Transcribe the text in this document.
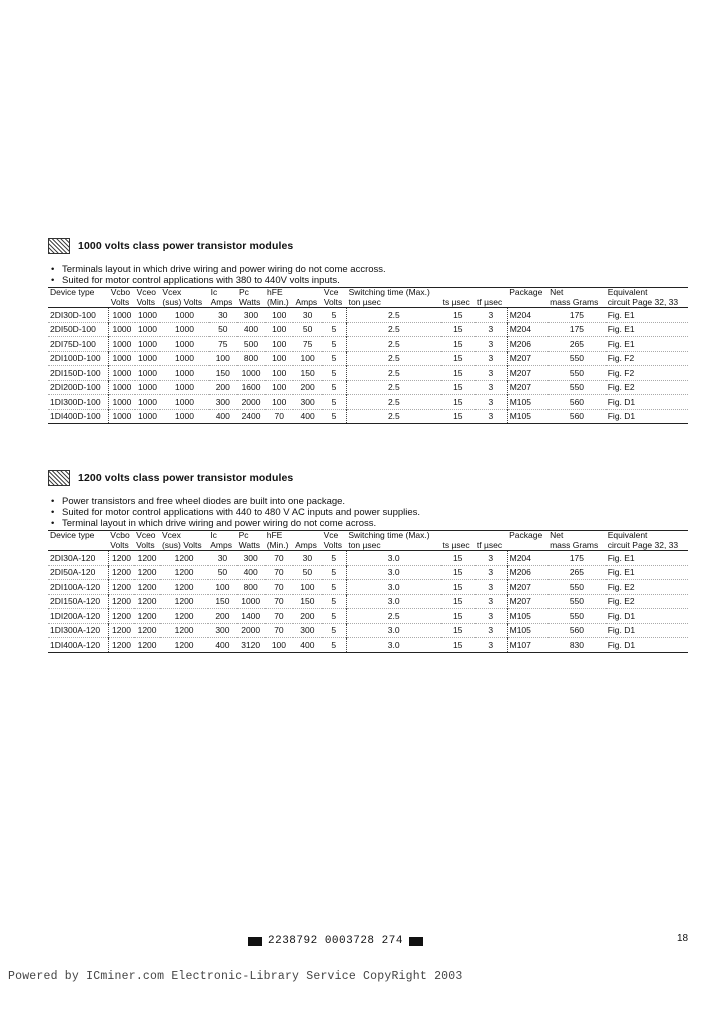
1000 volts class power transistor modules
• Terminals layout in which drive wiring and power wiring do not come accross.
• Suited for motor control applications with 380 to 440V volts inputs.
Device type	Vcbo	Vceo	Vcex	Ic	Pc	hFE		Vce	Switching time (Max.)			Package	Net	Equivalent
	Volts	Volts	(sus) Volts	Amps	Watts	(Min.)	Amps	Volts	ton µsec	ts µsec	tf µsec		mass Grams	circuit Page 32, 33
2DI30D-100	1000	1000	1000	30	300	100	30	5	2.5	15	3	M204	175	Fig. E1
2DI50D-100	1000	1000	1000	50	400	100	50	5	2.5	15	3	M204	175	Fig. E1
2DI75D-100	1000	1000	1000	75	500	100	75	5	2.5	15	3	M206	265	Fig. E1
2DI100D-100	1000	1000	1000	100	800	100	100	5	2.5	15	3	M207	550	Fig. F2
2DI150D-100	1000	1000	1000	150	1000	100	150	5	2.5	15	3	M207	550	Fig. F2
2DI200D-100	1000	1000	1000	200	1600	100	200	5	2.5	15	3	M207	550	Fig. E2
1DI300D-100	1000	1000	1000	300	2000	100	300	5	2.5	15	3	M105	560	Fig. D1
1DI400D-100	1000	1000	1000	400	2400	70	400	5	2.5	15	3	M105	560	Fig. D1
1200 volts class power transistor modules
• Power transistors and free wheel diodes are built into one package.
• Suited for motor control applications with 440 to 480 V AC inputs and power supplies.
• Terminal layout in which drive wiring and power wiring do not come across.
Device type	Vcbo	Vceo	Vcex	Ic	Pc	hFE		Vce	Switching time (Max.)			Package	Net	Equivalent
	Volts	Volts	(sus) Volts	Amps	Watts	(Min.)	Amps	Volts	ton µsec	ts µsec	tf µsec		mass Grams	circuit Page 32, 33
2DI30A-120	1200	1200	1200	30	300	70	30	5	3.0	15	3	M204	175	Fig. E1
2DI50A-120	1200	1200	1200	50	400	70	50	5	3.0	15	3	M206	265	Fig. E1
2DI100A-120	1200	1200	1200	100	800	70	100	5	3.0	15	3	M207	550	Fig. E2
2DI150A-120	1200	1200	1200	150	1000	70	150	5	3.0	15	3	M207	550	Fig. E2
1DI200A-120	1200	1200	1200	200	1400	70	200	5	2.5	15	3	M105	550	Fig. D1
1DI300A-120	1200	1200	1200	300	2000	70	300	5	3.0	15	3	M105	560	Fig. D1
1DI400A-120	1200	1200	1200	400	3120	100	400	5	3.0	15	3	M107	830	Fig. D1
2238792
0003728
274	18
Powered by ICminer.com Electronic-Library Service CopyRight 2003
